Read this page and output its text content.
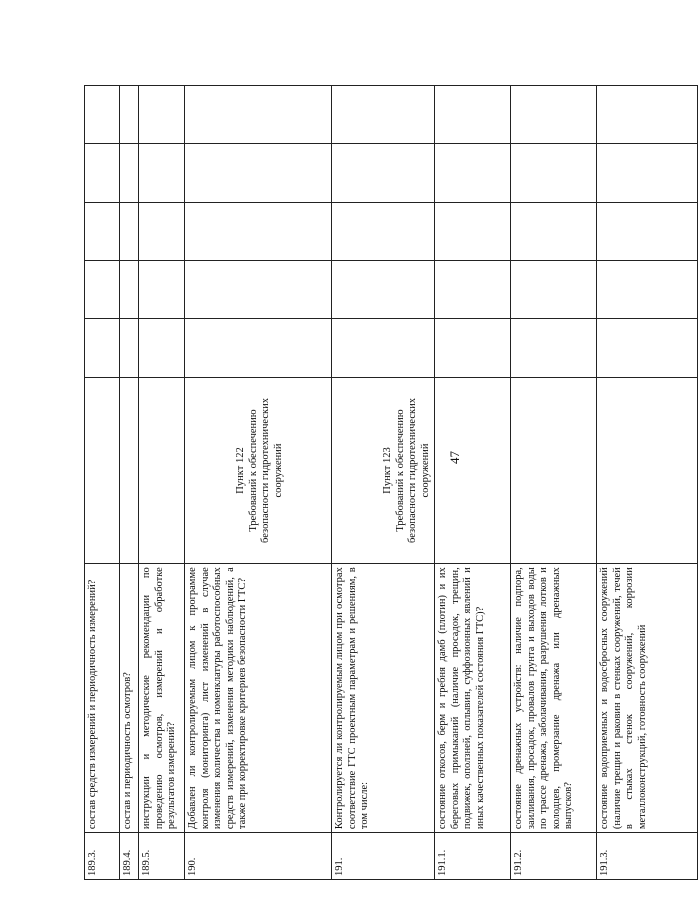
47
189.3.	состав средств измерений и периодичность измерений?	

189.4.	состав и периодичность осмотров?	

189.5.	инструкции и методические рекомендации по проведению осмотров, измерений и обработке результатов измерений?	

190.	Добавлен ли контролируемым лицом к программе контроля (мониторинга) лист изменений в случае изменения количества и номенклатуры работоспособных средств измерений, изменения методики наблюдений, а также при корректировке критериев безопасности ГТС?	Пункт 122 Требований к обеспечению безопасности гидротехнических сооружений					

191.	Контролируется ли контролируемым лицом при осмотрах соответствие ГТС проектным параметрам и решениям, в том числе:	Пункт 123 Требований к обеспечению безопасности гидротехнических сооружений					

191.1.	состояние откосов, берм и гребня дамб (плотин) и их береговых примыканий (наличие просадок, трещин, подвижек, оползней, оплывин, суффозионных явлений и иных качественных показателей состояния ГТС)?	

191.2.	состояние дренажных устройств: наличие подпора, заиливания, просадок, провалов грунта и выходов воды по трассе дренажа, заболачивания, разрушения лотков и колодцев, промерзание дренажа или дренажных выпусков?	

191.3.	состояние водоприемных и водосбросных сооружений (наличие трещин и раковин в стенках сооружений, течей в стыках стенок сооружений, коррозии металлоконструкций, готовность сооружений	
